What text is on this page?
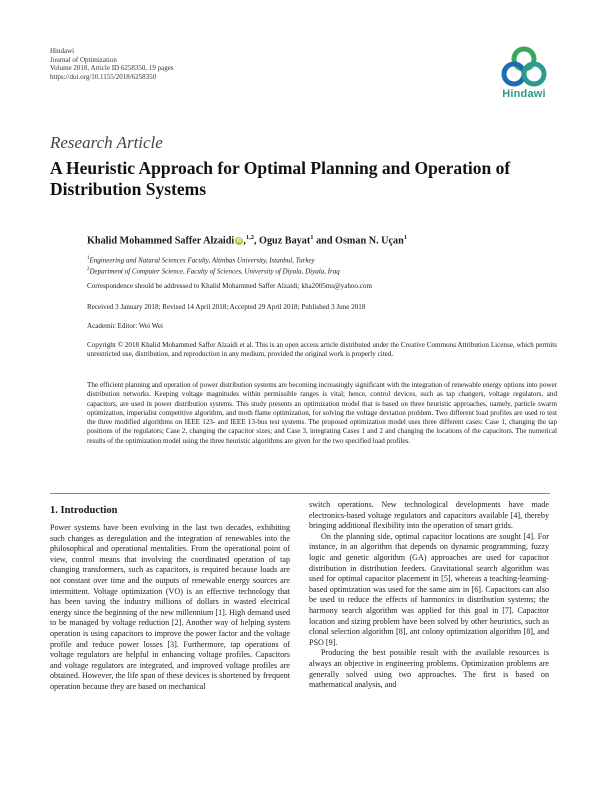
Hindawi
Journal of Optimization
Volume 2018, Article ID 6258350, 19 pages
https://doi.org/10.1155/2018/6258350
Hindawi
Research Article
A Heuristic Approach for Optimal Planning and Operation of Distribution Systems
Khalid Mohammed Saffer Alzaidi iD ,$^{1,2}$, Oguz Bayat$^1$ and Osman N. Uçan$^1$
$^1$Engineering and Natural Sciences Faculty, Altinbas University, Istanbul, Turkey
$^2$Department of Computer Science, Faculty of Sciences, University of Diyala, Diyala, Iraq
Correspondence should be addressed to Khalid Mohammed Saffer Alzaidi; kha2005ms@yahoo.com
Received 3 January 2018; Revised 14 April 2018; Accepted 29 April 2018; Published 3 June 2018
Academic Editor: Wei Wei
Copyright © 2018 Khalid Mohammed Saffer Alzaidi et al. This is an open access article distributed under the Creative Commons Attribution License, which permits unrestricted use, distribution, and reproduction in any medium, provided the original work is properly cited.
The efficient planning and operation of power distribution systems are becoming increasingly significant with the integration of renewable energy options into power distribution networks. Keeping voltage magnitudes within permissible ranges is vital; hence, control devices, such as tap changers, voltage regulators, and capacitors, are used in power distribution systems. This study presents an optimization model that is based on three heuristic approaches, namely, particle swarm optimization, imperialist competitive algorithm, and moth flame optimization, for solving the voltage deviation problem. Two different load profiles are used to test the three modified algorithms on IEEE 123- and IEEE 13-bus test systems. The proposed optimization model uses three different cases: Case 1, changing the tap positions of the regulators; Case 2, changing the capacitor sizes; and Case 3, integrating Cases 1 and 2 and changing the locations of the capacitors. The numerical results of the optimization model using the three heuristic algorithms are given for the two specified load profiles.
1. Introduction

Power systems have been evolving in the last two decades, exhibiting such changes as deregulation and the integration of renewables into the philosophical and operational mentalities. From the operational point of view, control means that involving the coordinated operation of tap changing transformers, such as capacitors, is required because loads are not constant over time and the outputs of renewable energy sources are intermittent. Voltage optimization (VO) is an effective technology that has been saving the industry millions of dollars in wasted electrical energy since the beginning of the new millennium [1]. High demand used to be managed by voltage reduction [2]. Another way of helping system operation is using capacitors to improve the power factor and the voltage profile and reduce power losses [3]. Furthermore, tap operations of voltage regulators are helpful in enhancing voltage profiles. Capacitors and voltage regulators are integrated, and improved voltage profiles are obtained. However, the life span of these devices is shortened by frequent operation because they are based on mechanical

switch operations. New technological developments have made electronics-based voltage regulators and capacitors available [4], thereby bringing additional flexibility into the operation of smart grids.

On the planning side, optimal capacitor locations are sought [4]. For instance, in an algorithm that depends on dynamic programming, fuzzy logic and genetic algorithm (GA) approaches are used for capacitor distribution in distribution feeders. Gravitational search algorithm was used for optimal capacitor placement in [5], whereas a teaching-learning-based optimization was used for the same aim in [6]. Capacitors can also be used to reduce the effects of harmonics in distribution systems; the harmony search algorithm was applied for this goal in [7]. Capacitor location and sizing problem have been solved by other heuristics, such as clonal selection algorithm [8], ant colony optimization algorithm [8], and PSO [9].

Producing the best possible result with the available resources is always an objective in engineering problems. Optimization problems are generally solved using two approaches. The first is based on mathematical analysis, and
